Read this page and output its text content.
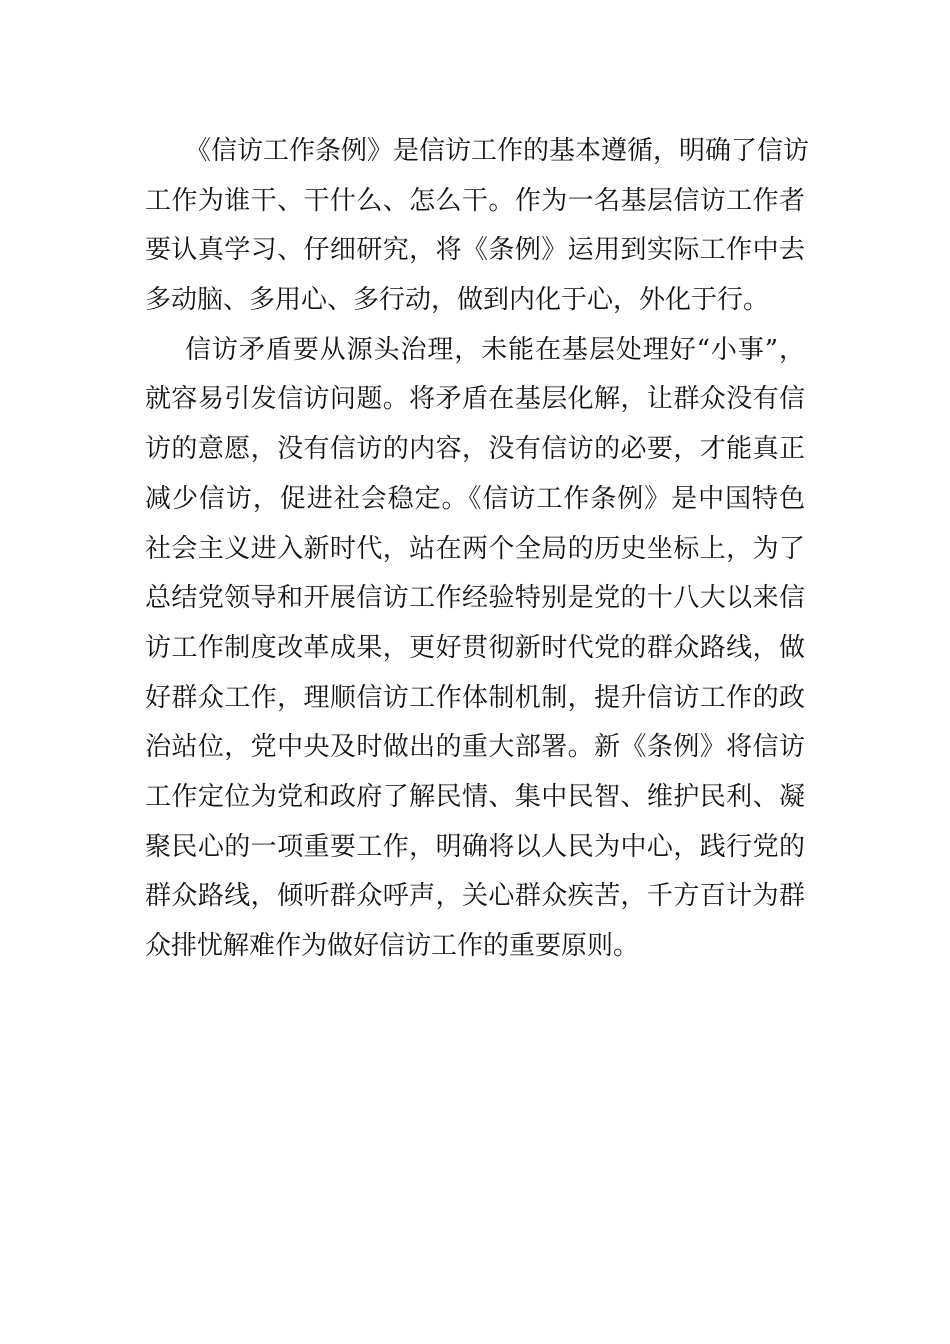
《信访工作条例》是信访工作的基本遵循，明确了信访
工作为谁干、干什么、怎么干。作为一名基层信访工作者
要认真学习、仔细研究，将《条例》运用到实际工作中去
多动脑、多用心、多行动，做到内化于心，外化于行。
信访矛盾要从源头治理，未能在基层处理好“小事”，
就容易引发信访问题。将矛盾在基层化解，让群众没有信
访的意愿，没有信访的内容，没有信访的必要，才能真正
减少信访，促进社会稳定。《信访工作条例》是中国特色
社会主义进入新时代，站在两个全局的历史坐标上，为了
总结党领导和开展信访工作经验特别是党的十八大以来信
访工作制度改革成果，更好贯彻新时代党的群众路线，做
好群众工作，理顺信访工作体制机制，提升信访工作的政
治站位，党中央及时做出的重大部署。新《条例》将信访
工作定位为党和政府了解民情、集中民智、维护民利、凝
聚民心的一项重要工作，明确将以人民为中心，践行党的
群众路线，倾听群众呼声，关心群众疾苦，千方百计为群
众排忧解难作为做好信访工作的重要原则。
